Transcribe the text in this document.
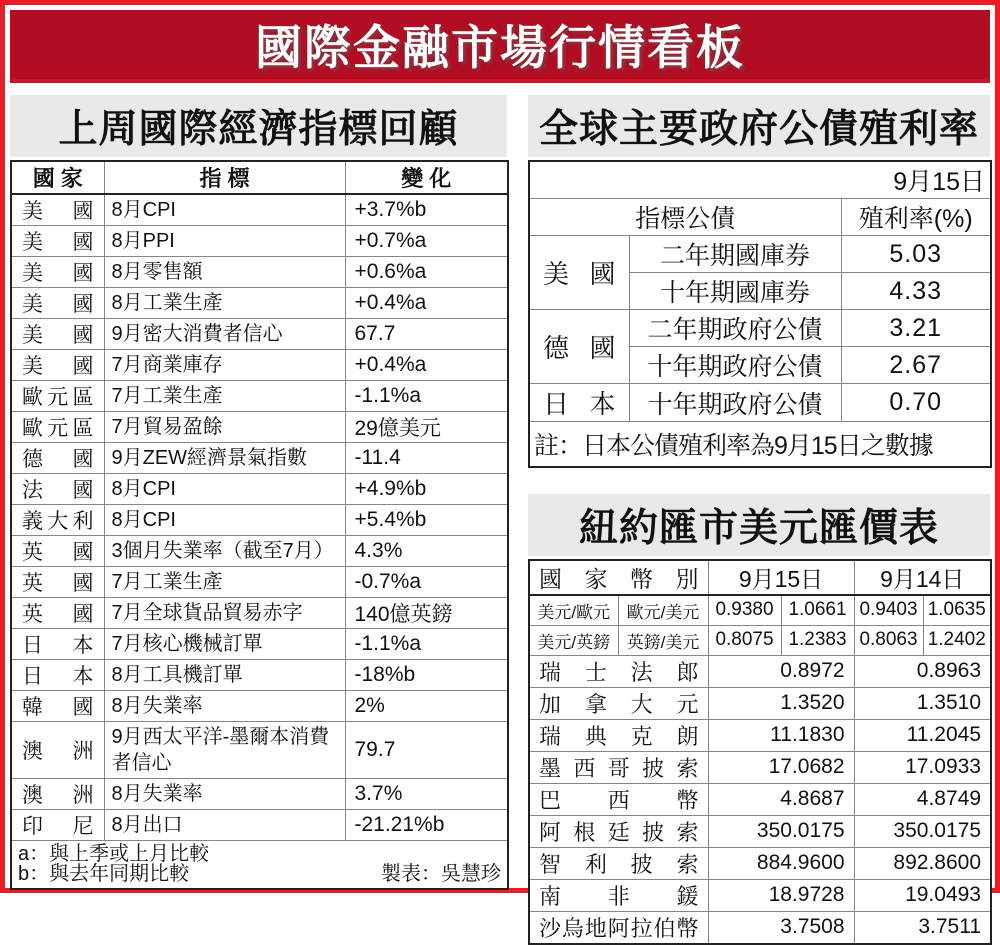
國際金融市場行情看板
上周國際經濟指標回顧
國 家	指 標	變 化

美 國	8月CPI	+3.7%b

美 國	8月PPI	+0.7%a

美 國	8月零售額	+0.6%a

美 國	8月工業生產	+0.4%a

美 國	9月密大消費者信心	67.7

美 國	7月商業庫存	+0.4%a

歐 元 區	7月工業生產	-1.1%a

歐 元 區	7月貿易盈餘	29億美元

德 國	9月ZEW經濟景氣指數	-11.4

法 國	8月CPI	+4.9%b

義 大 利	8月CPI	+5.4%b

英 國	3個月失業率（截至7月）	4.3%

英 國	7月工業生產	-0.7%a

英 國	7月全球貨品貿易赤字	140億英鎊

日 本	7月核心機械訂單	-1.1%a

日 本	8月工具機訂單	-18%b

韓 國	8月失業率	2%

澳 洲	9月西太平洋-墨爾本消費者信心	79.7

澳 洲	8月失業率	3.7%

印 尼	8月出口	-21.21%b

a：與上季或上月比較
b：與去年同期比較 製表：吳慧珍		
全球主要政府公債殖利率
9月15日		
指標公債		殖利率(%)

美 國	二年期國庫券	5.03
	十年期國庫券	4.33

德 國	二年期政府公債	3.21
	十年期政府公債	2.67

日 本	十年期政府公債	0.70
註：日本公債殖利率為9月15日之數據		
紐約匯市美元匯價表
國 家 幣 別		9月15日		9月14日	
美元/歐元	歐元/美元	0.9380	1.0661	0.9403	1.0635
美元/英鎊	英鎊/美元	0.8075	1.2383	0.8063	1.2402

瑞 士 法 郎		0.8972		0.8963	

加 拿 大 元		1.3520		1.3510	

瑞 典 克 朗		11.1830		11.2045	

墨 西 哥 披 索		17.0682		17.0933	

巴 西 幣		4.8687		4.8749	

阿 根 廷 披 索		350.0175		350.0175	

智 利 披 索		884.9600		892.8600	

南 非 鍰		18.9728		19.0493	

沙 烏 地 阿 拉 伯 幣	3.7508	3.7511
